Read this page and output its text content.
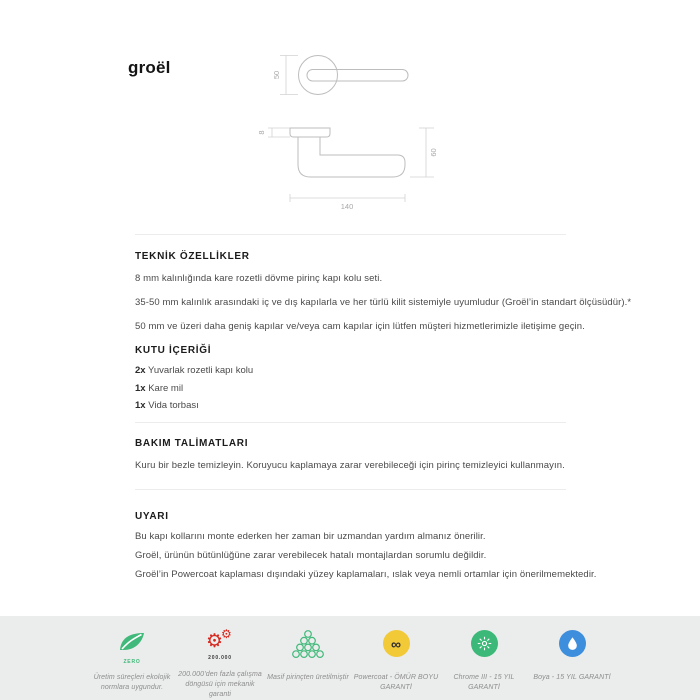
groël	50
8
60
140
TEKNİK ÖZELLİKLER

8 mm kalınlığında kare rozetli dövme pirinç kapı kolu seti.

35-50 mm kalınlık arasındaki iç ve dış kapılarla ve her türlü kilit sistemiyle uyumludur (Groël’in standart ölçüsüdür).*

50 mm ve üzeri daha geniş kapılar ve/veya cam kapılar için lütfen müşteri hizmetlerimizle iletişime geçin.

KUTU İÇERİĞİ
2x Yuvarlak rozetli kapı kolu
1x Kare mil
1x Vida torbası
BAKIM TALİMATLARI

Kuru bir bezle temizleyin. Koruyucu kaplamaya zarar verebileceği için pirinç temizleyici kullanmayın.

UYARI

Bu kapı kollarını monte ederken her zaman bir uzmandan yardım almanız önerilir.

Groël, ürünün bütünlüğüne zarar verebilecek hatalı montajlardan sorumlu değildir.

Groël’in Powercoat kaplaması dışındaki yüzey kaplamaları, ıslak veya nemli ortamlar için önerilmemektedir.

ZERO
Üretim süreçleri ekolojik normlara uygundur.
⚙
⚙
200.000
200.000’den fazla çalışma döngüsü için mekanik garanti
Masif pirinçten üretilmiştir
∞
Powercoat - ÖMÜR BOYU GARANTİ
Chrome III - 15 YIL GARANTİ
Boya - 15 YIL GARANTİ
